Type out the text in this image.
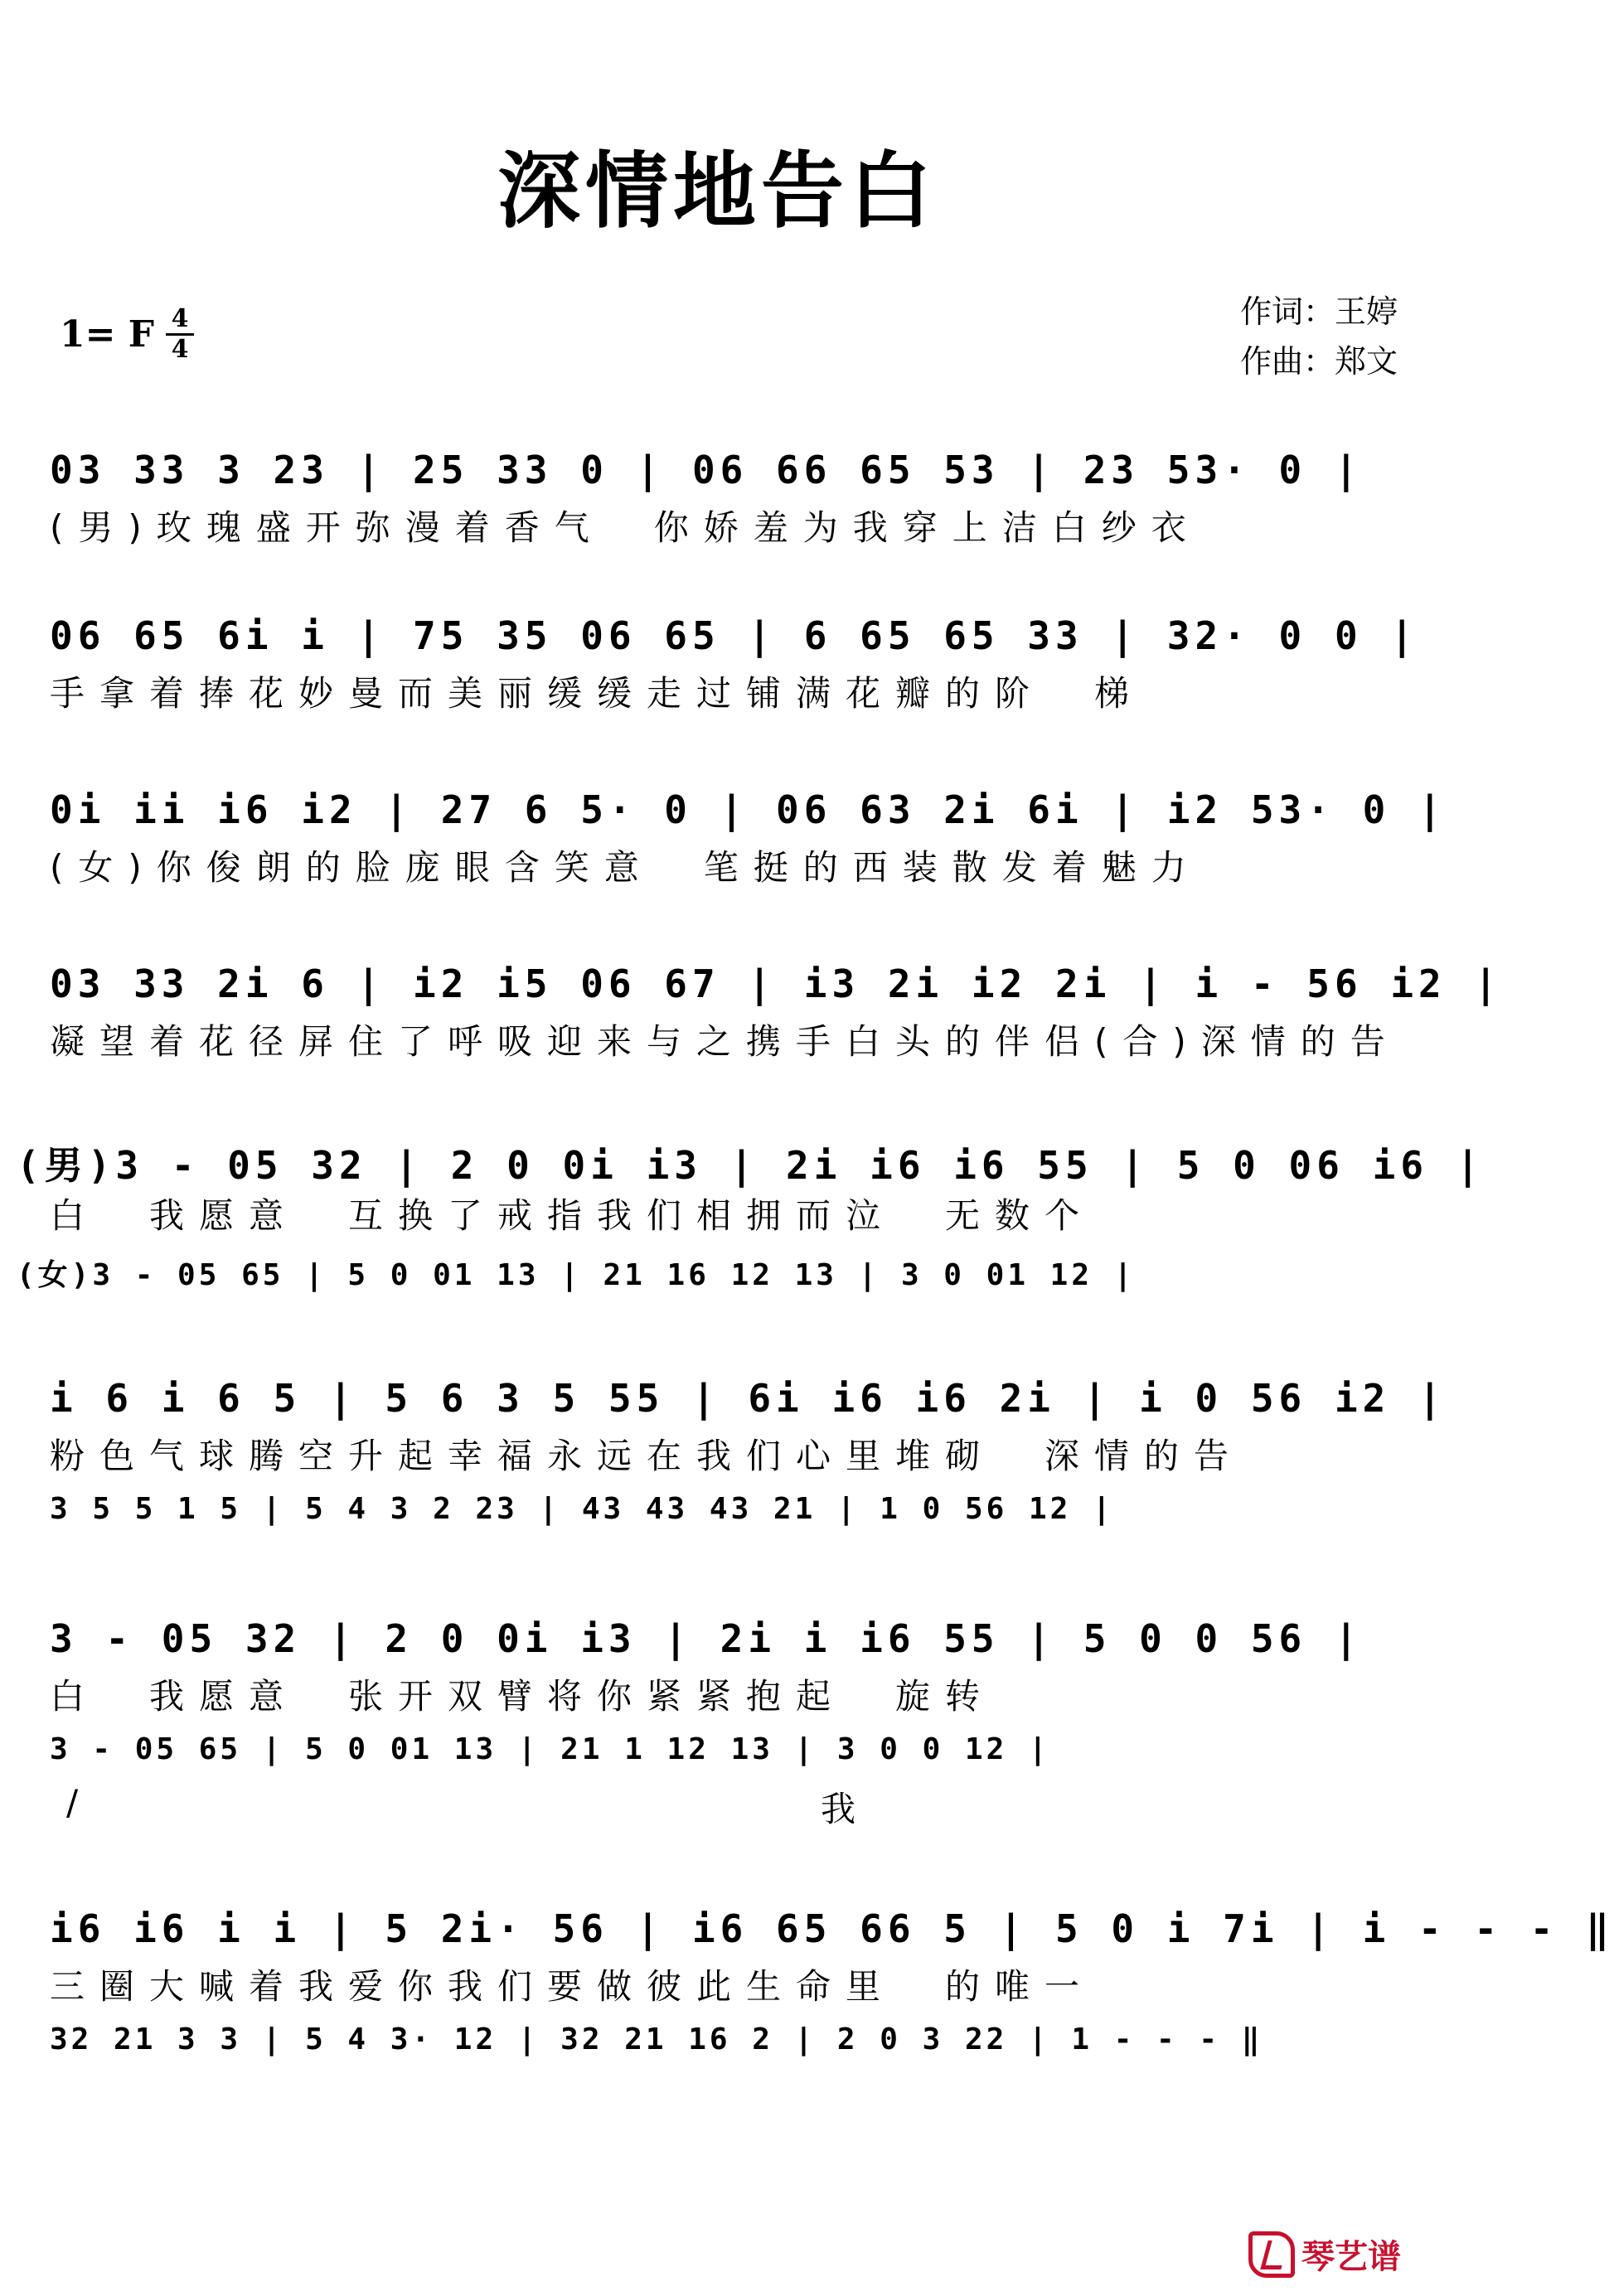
深情地告白
1= F 4
4
作词：王婷
作曲：郑文
03 33 3 23 | 25 33 0 | 06 66 65 53 | 23 53· 0 |
(男)玫瑰盛开弥漫着香气　你娇羞为我穿上洁白纱衣
06 65 6i i | 75 35 06 65 | 6 65 65 33 | 32· 0 0 |
手拿着捧花妙曼而美丽缓缓走过铺满花瓣的阶　梯
0i ii i6 i2 | 27 6 5· 0 | 06 63 2i 6i | i2 53· 0 |
(女)你俊朗的脸庞眼含笑意　笔挺的西装散发着魅力
03 33 2i 6 | i2 i5 06 67 | i3 2i i2 2i | i - 56 i2 |
凝望着花径屏住了呼吸迎来与之携手白头的伴侣(合)深情的告
(男)3 - 05 32 | 2 0 0i i3 | 2i i6 i6 55 | 5 0 06 i6 |
白　我愿意　互换了戒指我们相拥而泣　无数个
(女)3 - 05 65 | 5 0 01 13 | 21 16 12 13 | 3 0 01 12 |
i 6 i 6 5 | 5 6 3 5 55 | 6i i6 i6 2i | i 0 56 i2 |
粉色气球腾空升起幸福永远在我们心里堆砌　深情的告
3 5 5 1 5 | 5 4 3 2 23 | 43 43 43 21 | 1 0 56 12 |
3 - 05 32 | 2 0 0i i3 | 2i i i6 55 | 5 0 0 56 |
白　我愿意　张开双臂将你紧紧抱起　旋转
3 - 05 65 | 5 0 01 13 | 21 1 12 13 | 3 0 0 12 |
/	我
i6 i6 i i | 5 2i· 56 | i6 65 66 5 | 5 0 i 7i | i - - - ‖
三圈大喊着我爱你我们要做彼此生命里　的唯一
32 21 3 3 | 5 4 3· 12 | 32 21 16 2 | 2 0 3 22 | 1 - - - ‖
琴艺谱
